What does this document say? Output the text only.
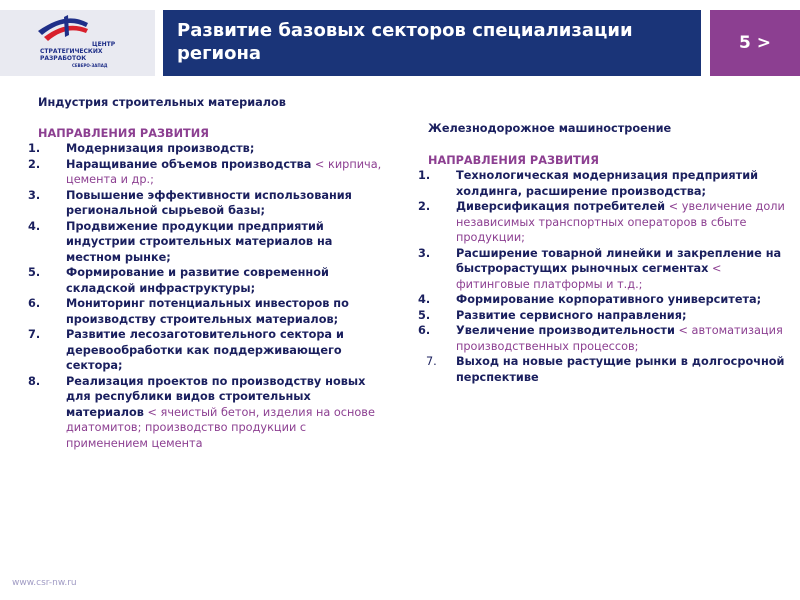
ЦЕНТР
СТРАТЕГИЧЕСКИХ
РАЗРАБОТОК
СЕВЕРО-ЗАПАД
Развитие базовых секторов специализации региона	5 >
Индустрия строительных материалов
НАПРАВЛЕНИЯ РАЗВИТИЯ
1. Модернизация производств;
2. Наращивание объемов производства < кирпича, цемента и др.;
3. Повышение эффективности использования региональной сырьевой базы;
4. Продвижение продукции предприятий индустрии строительных материалов на местном рынке;
5. Формирование и развитие современной складской инфраструктуры;
6. Мониторинг потенциальных инвесторов по производству строительных материалов;
7. Развитие лесозаготовительного сектора и деревообработки как поддерживающего сектора;
8. Реализация проектов по производству новых для республики видов строительных материалов < ячеистый бетон, изделия на основе диатомитов; производство продукции с применением цемента
Железнодорожное машиностроение
НАПРАВЛЕНИЯ РАЗВИТИЯ
1. Технологическая модернизация предприятий холдинга, расширение производства;
2. Диверсификация потребителей < увеличение доли независимых транспортных операторов в сбыте продукции;
3. Расширение товарной линейки и закрепление на быстрорастущих рыночных сегментах < фитинговые платформы и т.д.;
4. Формирование корпоративного университета;
5. Развитие сервисного направления;
6. Увеличение производительности < автоматизация производственных процессов;
7. Выход на новые растущие рынки в долгосрочной перспективе
www.csr-nw.ru
